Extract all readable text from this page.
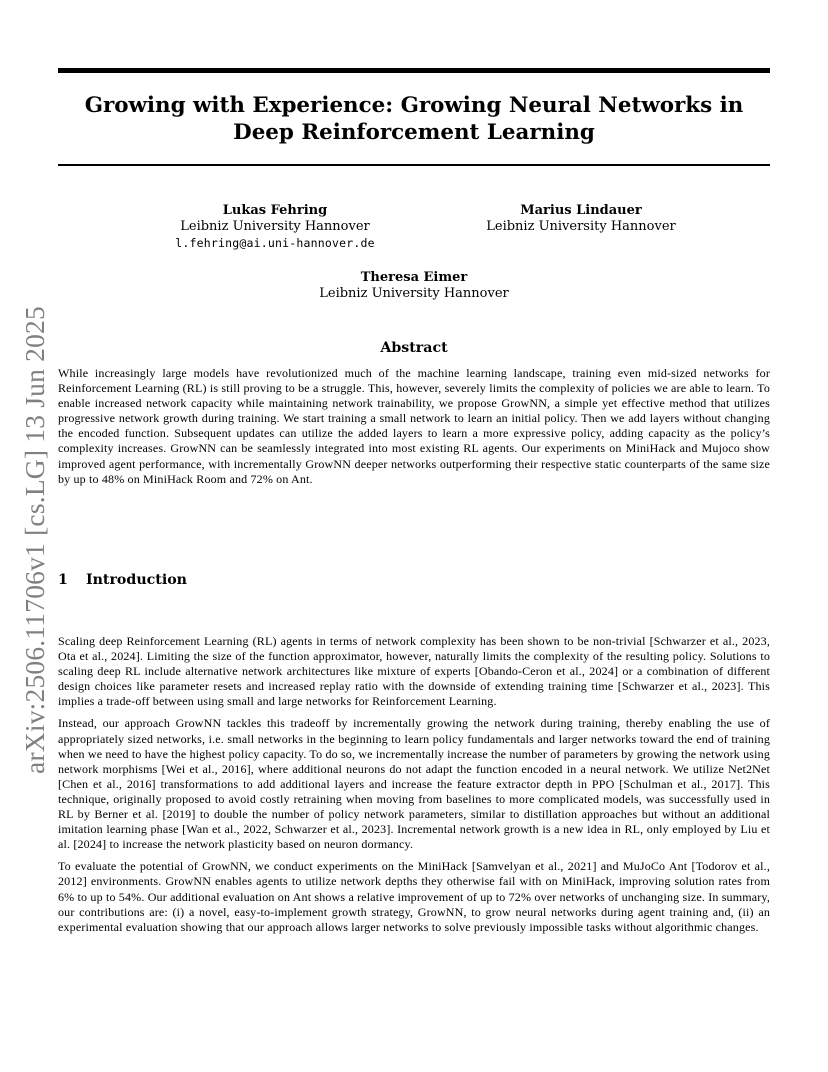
Growing with Experience: Growing Neural Networks in Deep Reinforcement Learning
Lukas Fehring
Leibniz University Hannover
l.fehring@ai.uni-hannover.de
Marius Lindauer
Leibniz University Hannover
Theresa Eimer
Leibniz University Hannover
arXiv:2506.11706v1 [cs.LG] 13 Jun 2025	Abstract
While increasingly large models have revolutionized much of the machine learning landscape, training even mid-sized networks for Reinforcement Learning (RL) is still proving to be a struggle. This, however, severely limits the complexity of policies we are able to learn. To enable increased network capacity while maintaining network trainability, we propose GrowNN, a simple yet effective method that utilizes progressive network growth during training. We start training a small network to learn an initial policy. Then we add layers without changing the encoded function. Subsequent updates can utilize the added layers to learn a more expressive policy, adding capacity as the policy’s complexity increases. GrowNN can be seamlessly integrated into most existing RL agents. Our experiments on MiniHack and Mujoco show improved agent performance, with incrementally GrowNN deeper networks outperforming their respective static counterparts of the same size by up to 48% on MiniHack Room and 72% on Ant.
1 Introduction

Scaling deep Reinforcement Learning (RL) agents in terms of network complexity has been shown to be non-trivial [Schwarzer et al., 2023, Ota et al., 2024]. Limiting the size of the function approximator, however, naturally limits the complexity of the resulting policy. Solutions to scaling deep RL include alternative network architectures like mixture of experts [Obando-Ceron et al., 2024] or a combination of different design choices like parameter resets and increased replay ratio with the downside of extending training time [Schwarzer et al., 2023]. This implies a trade-off between using small and large networks for Reinforcement Learning.

Instead, our approach GrowNN tackles this tradeoff by incrementally growing the network during training, thereby enabling the use of appropriately sized networks, i.e. small networks in the beginning to learn policy fundamentals and larger networks toward the end of training when we need to have the highest policy capacity. To do so, we incrementally increase the number of parameters by growing the network using network morphisms [Wei et al., 2016], where additional neurons do not adapt the function encoded in a neural network. We utilize Net2Net [Chen et al., 2016] transformations to add additional layers and increase the feature extractor depth in PPO [Schulman et al., 2017]. This technique, originally proposed to avoid costly retraining when moving from baselines to more complicated models, was successfully used in RL by Berner et al. [2019] to double the number of policy network parameters, similar to distillation approaches but without an additional imitation learning phase [Wan et al., 2022, Schwarzer et al., 2023]. Incremental network growth is a new idea in RL, only employed by Liu et al. [2024] to increase the network plasticity based on neuron dormancy.

To evaluate the potential of GrowNN, we conduct experiments on the MiniHack [Samvelyan et al., 2021] and MuJoCo Ant [Todorov et al., 2012] environments. GrowNN enables agents to utilize network depths they otherwise fail with on MiniHack, improving solution rates from 6% to up to 54%. Our additional evaluation on Ant shows a relative improvement of up to 72% over networks of unchanging size. In summary, our contributions are: (i) a novel, easy-to-implement growth strategy, GrowNN, to grow neural networks during agent training and, (ii) an experimental evaluation showing that our approach allows larger networks to solve previously impossible tasks without algorithmic changes.
